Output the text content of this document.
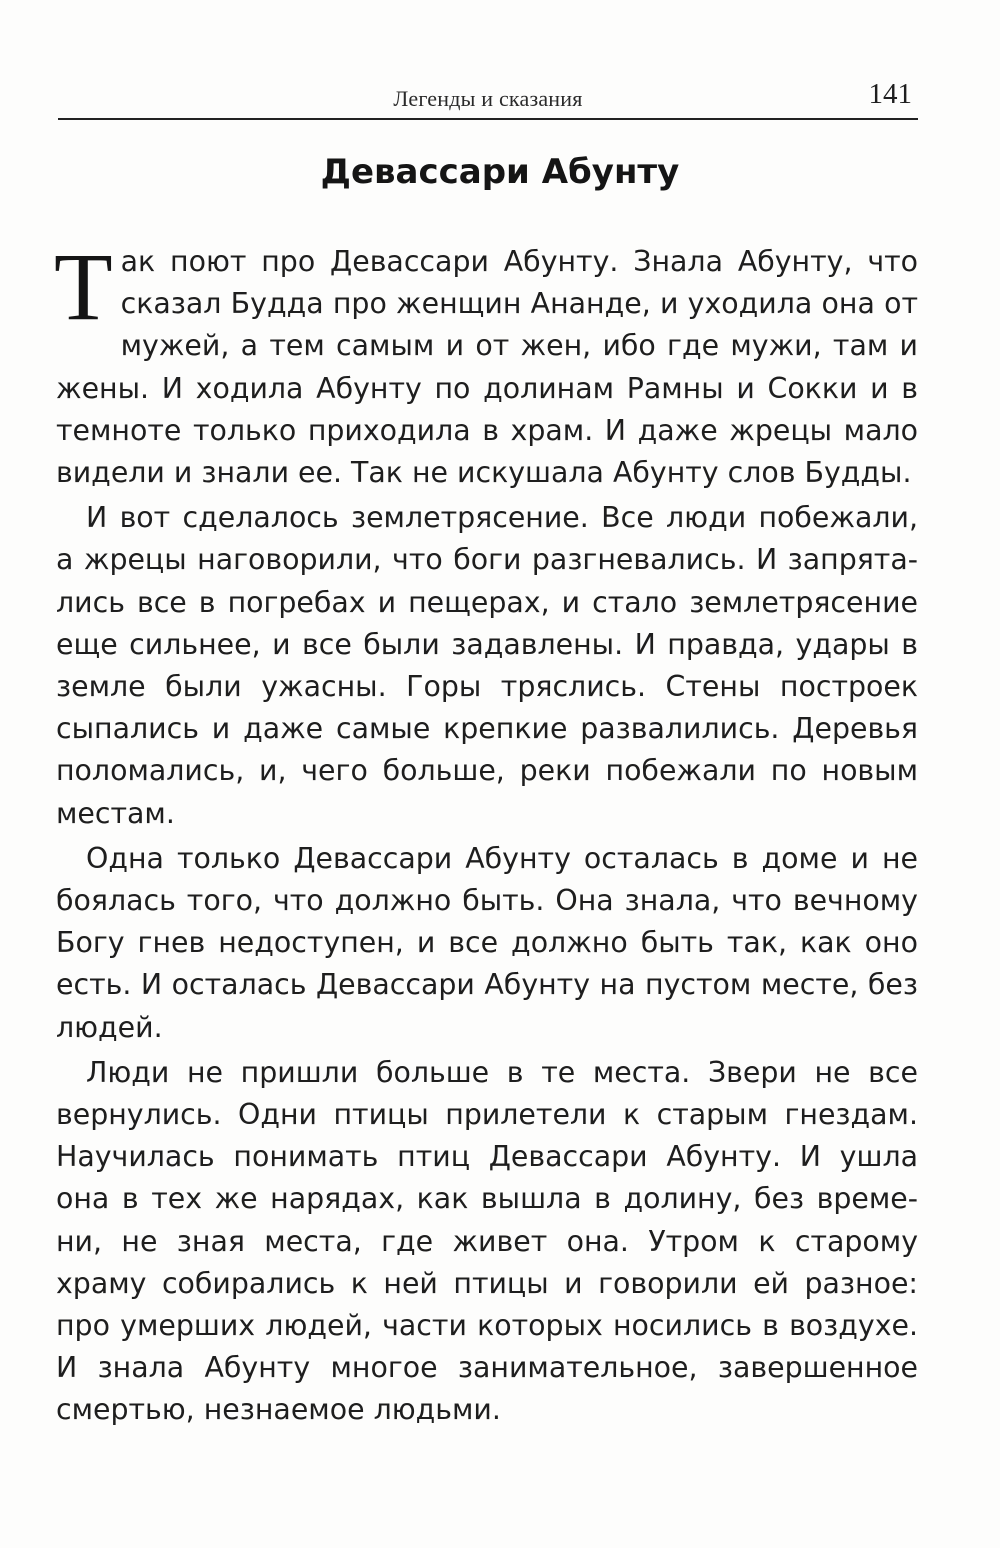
Легенды и сказания	141
Девассари Абунту

Так поют про Девассари Абунту. Знала Абунту, что сказал Будда про женщин Ананде, и уходила она от мужей, а тем самым и от жен, ибо где мужи, там и жены. И ходила Абунту по долинам Рамны и Сокки и в темноте только приходила в храм. И даже жрецы мало видели и знали ее. Так не искушала Абунту слов Будды.

И вот сделалось землетрясение. Все люди побежали, а жрецы наговорили, что боги разгневались. И запрятались все в погребах и пещерах, и стало землетрясение еще сильнее, и все были задавлены. И правда, удары в земле были ужасны. Горы тряслись. Стены построек сыпались и даже самые крепкие развалились. Деревья поломались, и, чего больше, реки побежали по новым местам.

Одна только Девассари Абунту осталась в доме и не боялась того, что должно быть. Она знала, что вечному Богу гнев недоступен, и все должно быть так, как оно есть. И осталась Девассари Абунту на пустом месте, без людей.

Люди не пришли больше в те места. Звери не все вернулись. Одни птицы прилетели к старым гнездам. Научилась понимать птиц Девассари Абунту. И ушла она в тех же нарядах, как вышла в долину, без времени, не зная места, где живет она. Утром к старому храму собирались к ней птицы и говорили ей разное: про умерших людей, части которых носились в воздухе. И знала Абунту многое занимательное, завершенное смертью, незнаемое людьми.
